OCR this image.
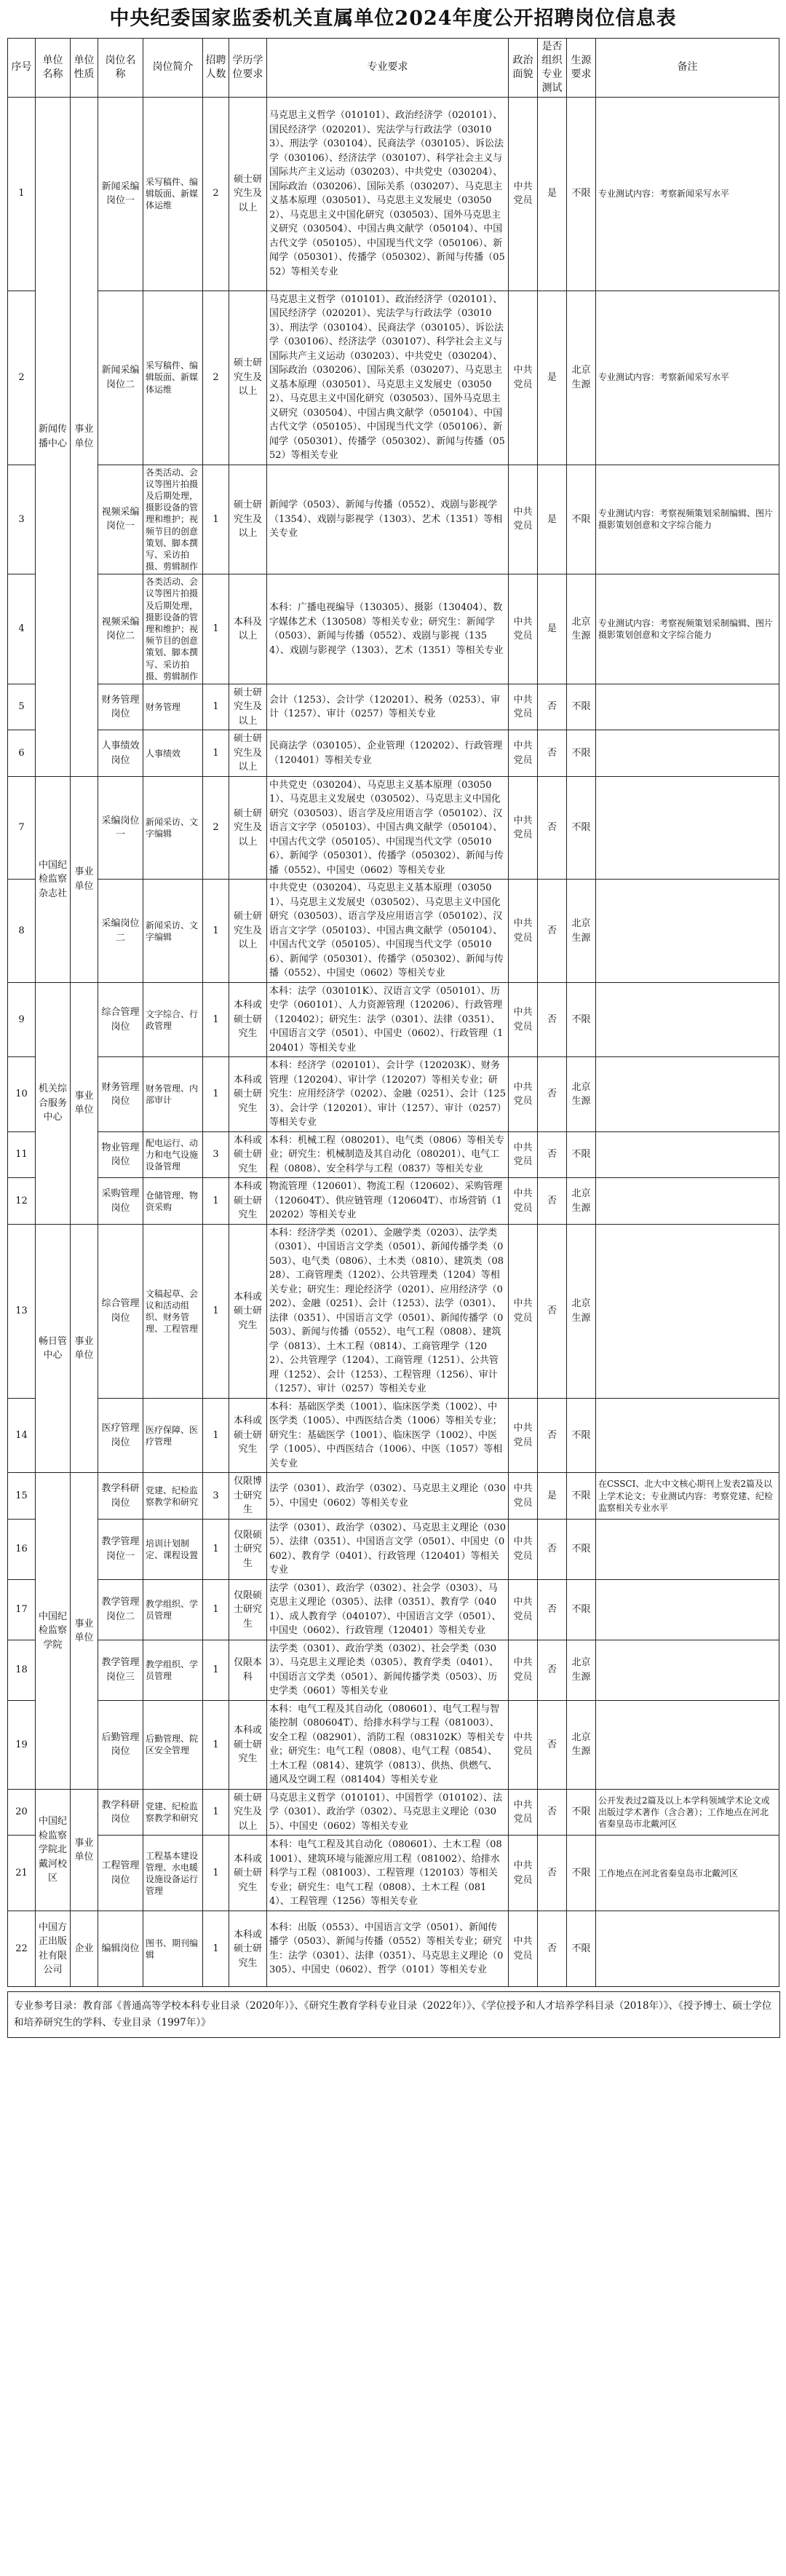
中央纪委国家监委机关直属单位2024年度公开招聘岗位信息表
序号	单位名称	单位性质	岗位名称	岗位简介	招聘人数	学历学位要求	专业要求	政治面貌	是否组织专业测试	生源要求	备注
1	新闻传播中心	事业单位	新闻采编岗位一	采写稿件、编辑版面、新媒体运维	2	硕士研究生及以上	马克思主义哲学（010101）、政治经济学（020101）、国民经济学（020201）、宪法学与行政法学（030103）、刑法学（030104）、民商法学（030105）、诉讼法学（030106）、经济法学（030107）、科学社会主义与国际共产主义运动（030203）、中共党史（030204）、国际政治（030206）、国际关系（030207）、马克思主义基本原理（030501）、马克思主义发展史（030502）、马克思主义中国化研究（030503）、国外马克思主义研究（030504）、中国古典文献学（050104）、中国古代文学（050105）、中国现当代文学（050106）、新闻学（050301）、传播学（050302）、新闻与传播（0552）等相关专业	中共党员	是	不限	专业测试内容：考察新闻采写水平
2			新闻采编岗位二	采写稿件、编辑版面、新媒体运维	2	硕士研究生及以上	马克思主义哲学（010101）、政治经济学（020101）、国民经济学（020201）、宪法学与行政法学（030103）、刑法学（030104）、民商法学（030105）、诉讼法学（030106）、经济法学（030107）、科学社会主义与国际共产主义运动（030203）、中共党史（030204）、国际政治（030206）、国际关系（030207）、马克思主义基本原理（030501）、马克思主义发展史（030502）、马克思主义中国化研究（030503）、国外马克思主义研究（030504）、中国古典文献学（050104）、中国古代文学（050105）、中国现当代文学（050106）、新闻学（050301）、传播学（050302）、新闻与传播（0552）等相关专业	中共党员	是	北京生源	专业测试内容：考察新闻采写水平
3			视频采编岗位一	各类活动、会议等图片拍摄及后期处理，摄影设备的管理和维护；视频节目的创意策划、脚本撰写、采访拍摄、剪辑制作	1	硕士研究生及以上	新闻学（0503）、新闻与传播（0552）、戏剧与影视学（1354）、戏剧与影视学（1303）、艺术（1351）等相关专业	中共党员	是	不限	专业测试内容：考察视频策划采制编辑、图片摄影策划创意和文字综合能力
4			视频采编岗位二	各类活动、会议等图片拍摄及后期处理，摄影设备的管理和维护；视频节目的创意策划、脚本撰写、采访拍摄、剪辑制作	1	本科及以上	本科：广播电视编导（130305）、摄影（130404）、数字媒体艺术（130508）等相关专业；研究生：新闻学（0503）、新闻与传播（0552）、戏剧与影视（1354）、戏剧与影视学（1303）、艺术（1351）等相关专业	中共党员	是	北京生源	专业测试内容：考察视频策划采制编辑、图片摄影策划创意和文字综合能力
5			财务管理岗位	财务管理	1	硕士研究生及以上	会计（1253）、会计学（120201）、税务（0253）、审计（1257）、审计（0257）等相关专业	中共党员	否	不限	
6			人事绩效岗位	人事绩效	1	硕士研究生及以上	民商法学（030105）、企业管理（120202）、行政管理（120401）等相关专业	中共党员	否	不限	
7	中国纪检监察杂志社	事业单位	采编岗位一	新闻采访、文字编辑	2	硕士研究生及以上	中共党史（030204）、马克思主义基本原理（030501）、马克思主义发展史（030502）、马克思主义中国化研究（030503）、语言学及应用语言学（050102）、汉语言文字学（050103）、中国古典文献学（050104）、中国古代文学（050105）、中国现当代文学（050106）、新闻学（050301）、传播学（050302）、新闻与传播（0552）、中国史（0602）等相关专业	中共党员	否	不限	
8			采编岗位二	新闻采访、文字编辑	1	硕士研究生及以上	中共党史（030204）、马克思主义基本原理（030501）、马克思主义发展史（030502）、马克思主义中国化研究（030503）、语言学及应用语言学（050102）、汉语言文字学（050103）、中国古典文献学（050104）、中国古代文学（050105）、中国现当代文学（050106）、新闻学（050301）、传播学（050302）、新闻与传播（0552）、中国史（0602）等相关专业	中共党员	否	北京生源	
9	机关综合服务中心	事业单位	综合管理岗位	文字综合、行政管理	1	本科或硕士研究生	本科：法学（030101K）、汉语言文学（050101）、历史学（060101）、人力资源管理（120206）、行政管理（120402）；研究生：法学（0301）、法律（0351）、中国语言文学（0501）、中国史（0602）、行政管理（120401）等相关专业	中共党员	否	不限	
10			财务管理岗位	财务管理、内部审计	1	本科或硕士研究生	本科：经济学（020101）、会计学（120203K）、财务管理（120204）、审计学（120207）等相关专业；研究生：应用经济学（0202）、金融（0251）、会计（1253）、会计学（120201）、审计（1257）、审计（0257）等相关专业	中共党员	否	北京生源	
11			物业管理岗位	配电运行、动力和电气设施设备管理	3	本科或硕士研究生	本科：机械工程（080201）、电气类（0806）等相关专业；研究生：机械制造及其自动化（080201）、电气工程（0808）、安全科学与工程（0837）等相关专业	中共党员	否	不限	
12			采购管理岗位	仓储管理、物资采购	1	本科或硕士研究生	物流管理（120601）、物流工程（120602）、采购管理（120604T）、供应链管理（120604T）、市场营销（120202）等相关专业	中共党员	否	北京生源	
13	畅日管中心	事业单位	综合管理岗位	文稿起草、会议和活动组织、财务管理、工程管理	1	本科或硕士研究生	本科：经济学类（0201）、金融学类（0203）、法学类（0301）、中国语言文学类（0501）、新闻传播学类（0503）、电气类（0806）、土木类（0810）、建筑类（0828）、工商管理类（1202）、公共管理类（1204）等相关专业；研究生：理论经济学（0201）、应用经济学（0202）、金融（0251）、会计（1253）、法学（0301）、法律（0351）、中国语言文学（0501）、新闻传播学（0503）、新闻与传播（0552）、电气工程（0808）、建筑学（0813）、土木工程（0814）、工商管理学（1202）、公共管理学（1204）、工商管理（1251）、公共管理（1252）、会计（1253）、工程管理（1256）、审计（1257）、审计（0257）等相关专业	中共党员	否	北京生源	
14			医疗管理岗位	医疗保障、医疗管理	1	本科或硕士研究生	本科：基础医学类（1001）、临床医学类（1002）、中医学类（1005）、中西医结合类（1006）等相关专业；研究生：基础医学（1001）、临床医学（1002）、中医学（1005）、中西医结合（1006）、中医（1057）等相关专业	中共党员	否	不限	
15	中国纪检监察学院	事业单位	教学科研岗位	党建、纪检监察教学和研究	3	仅限博士研究生	法学（0301）、政治学（0302）、马克思主义理论（0305）、中国史（0602）等相关专业	中共党员	是	不限	在CSSCI、北大中文核心期刊上发表2篇及以上学术论文；专业测试内容：考察党建、纪检监察相关专业水平
16			教学管理岗位一	培训计划制定、课程设置	1	仅限硕士研究生	法学（0301）、政治学（0302）、马克思主义理论（0305）、法律（0351）、中国语言文学（0501）、中国史（0602）、教育学（0401）、行政管理（120401）等相关专业	中共党员	否	不限	
17			教学管理岗位二	教学组织、学员管理	1	仅限硕士研究生	法学（0301）、政治学（0302）、社会学（0303）、马克思主义理论（0305）、法律（0351）、教育学（0401）、成人教育学（040107）、中国语言文学（0501）、中国史（0602）、行政管理（120401）等相关专业	中共党员	否	不限	
18			教学管理岗位三	教学组织、学员管理	1	仅限本科	法学类（0301）、政治学类（0302）、社会学类（0303）、马克思主义理论类（0305）、教育学类（0401）、中国语言文学类（0501）、新闻传播学类（0503）、历史学类（0601）等相关专业	中共党员	否	北京生源	
19			后勤管理岗位	后勤管理、院区安全管理	1	本科或硕士研究生	本科：电气工程及其自动化（080601）、电气工程与智能控制（080604T）、给排水科学与工程（081003）、安全工程（082901）、消防工程（083102K）等相关专业；研究生：电气工程（0808）、电气工程（0854）、土木工程（0814）、建筑学（0813）、供热、供燃气、通风及空调工程（081404）等相关专业	中共党员	否	北京生源	
20	中国纪检监察学院北戴河校区	事业单位	教学科研岗位	党建、纪检监察教学和研究	1	硕士研究生及以上	马克思主义哲学（010101）、中国哲学（010102）、法学（0301）、政治学（0302）、马克思主义理论（0305）、中国史（0602）等相关专业	中共党员	否	不限	公开发表过2篇及以上本学科领域学术论文或出版过学术著作（含合著）；工作地点在河北省秦皇岛市北戴河区
21			工程管理岗位	工程基本建设管理、水电暖设施设备运行管理	1	本科或硕士研究生	本科：电气工程及其自动化（080601）、土木工程（081001）、建筑环境与能源应用工程（081002）、给排水科学与工程（081003）、工程管理（120103）等相关专业；研究生：电气工程（0808）、土木工程（0814）、工程管理（1256）等相关专业	中共党员	否	不限	工作地点在河北省秦皇岛市北戴河区
22	中国方正出版社有限公司	企业	编辑岗位	图书、期刊编辑	1	本科或硕士研究生	本科：出版（0553）、中国语言文学（0501）、新闻传播学（0503）、新闻与传播（0552）等相关专业；研究生：法学（0301）、法律（0351）、马克思主义理论（0305）、中国史（0602）、哲学（0101）等相关专业	中共党员	否	不限	
专业参考目录：教育部《普通高等学校本科专业目录（2020年）》、《研究生教育学科专业目录（2022年）》、《学位授予和人才培养学科目录（2018年）》、《授予博士、硕士学位和培养研究生的学科、专业目录（1997年）》
